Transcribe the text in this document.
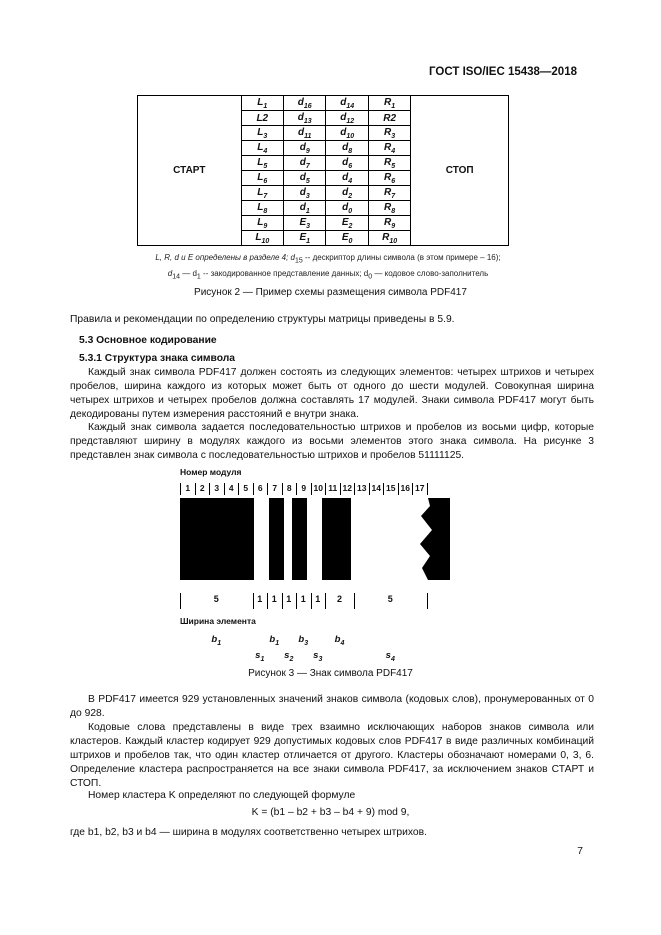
ГОСТ ISO/IEC 15438—2018
СТАРТ	$L_1$	$d_{16}$	$d_{14}$	$R_1$	СТОП
	L2	$d_{13}$	$d_{12}$	R2	
	$L_3$	$d_{11}$	$d_{10}$	$R_3$
	$L_4$	$d_9$	$d_8$	$R_4$
	$L_5$	$d_7$	$d_6$	$R_5$
	$L_6$	$d_5$	$d_4$	$R_6$
	$L_7$	$d_3$	$d_2$	$R_7$
	$L_8$	$d_1$	$d_0$	$R_8$
	$L_9$	$E_3$	$E_2$	$R_9$
	$L_{10}$	$E_1$	$E_0$	$R_{10}$
L, R, d и E определены в разделе 4; $d_{15}$ -- дескриптор длины символа (в этом примере – 16);
$d_{14}$ — $d_1$ -- закодированное представление данных; $d_0$ — кодовое слово-заполнитель
Рисунок 2 — Пример схемы размещения символа PDF417

Правила и рекомендации по определению структуры матрицы приведены в 5.9.

5.3 Основное кодирование

5.3.1 Структура знака символа

Каждый знак символа PDF417 должен состоять из следующих элементов: четырех штрихов и четырех пробелов, ширина каждого из которых может быть от одного до шести модулей. Совокупная ширина четырех штрихов и четырех пробелов должна составлять 17 модулей. Знаки символа PDF417 могут быть декодированы путем измерения расстояний e внутри знака.

Каждый знак символа задается последовательностью штрихов и пробелов из восьми цифр, которые представляют ширину в модулях каждого из восьми элементов этого знака символа. На рисунке 3 представлен знак символа с последовательностью штрихов и пробелов 51111125.

Номер модуля
1	2	3	4	5	6	7	8	9 10 11 12 13 14 15 16 17
5	1	1	1	1	1	2	5
Ширина элемента
$b_1$	$b_1$ $b_3$	$b_4$
$s_1$ $s_2$ $s_3$	$s_4$
Рисунок 3 — Знак символа PDF417

В PDF417 имеется 929 установленных значений знаков символа (кодовых слов), пронумерованных от 0 до 928.

Кодовые слова представлены в виде трех взаимно исключающих наборов знаков символа или кластеров. Каждый кластер кодирует 929 допустимых кодовых слов PDF417 в виде различных комбинаций штрихов и пробелов так, что один кластер отличается от другого. Кластеры обозначают номерами 0, 3, 6. Определение кластера распространяется на все знаки символа PDF417, за исключением знаков СТАРТ и СТОП.

Номер кластера K определяют по следующей формуле

K = (b1 – b2 + b3 – b4 + 9) mod 9,

где b1, b2, b3 и b4 — ширина в модулях соответственно четырех штрихов.

7
